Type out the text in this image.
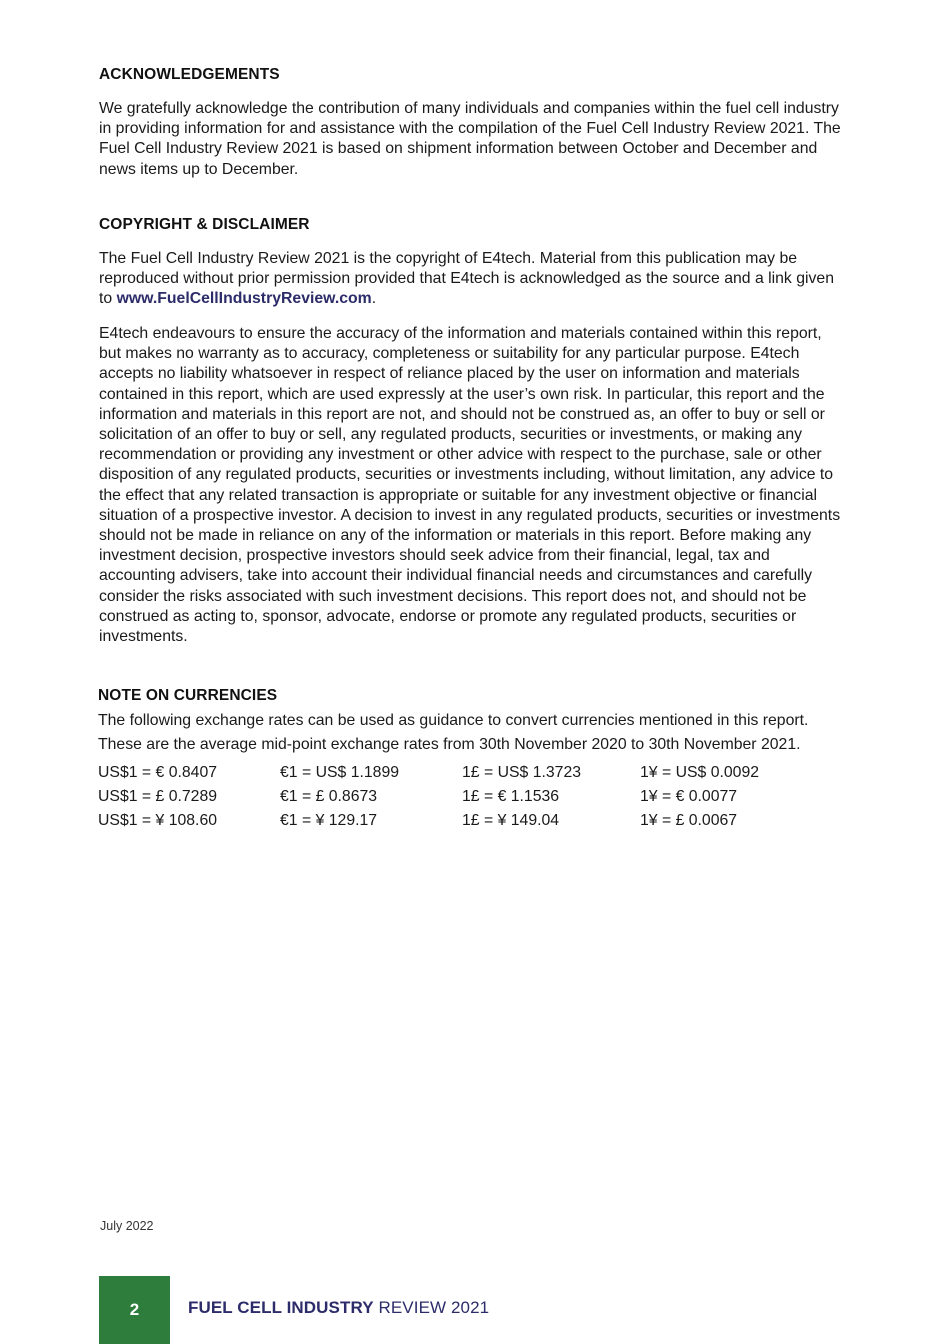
ACKNOWLEDGEMENTS

We gratefully acknowledge the contribution of many individuals and companies within the fuel cell industry in providing information for and assistance with the compilation of the Fuel Cell Industry Review 2021. The Fuel Cell Industry Review 2021 is based on shipment information between October and December and news items up to December.

COPYRIGHT & DISCLAIMER

The Fuel Cell Industry Review 2021 is the copyright of E4tech. Material from this publication may be reproduced without prior permission provided that E4tech is acknowledged as the source and a link given to www.FuelCellIndustryReview.com.

E4tech endeavours to ensure the accuracy of the information and materials contained within this report, but makes no warranty as to accuracy, completeness or suitability for any particular purpose. E4tech accepts no liability whatsoever in respect of reliance placed by the user on information and materials contained in this report, which are used expressly at the user’s own risk. In particular, this report and the information and materials in this report are not, and should not be construed as, an offer to buy or sell or solicitation of an offer to buy or sell, any regulated products, securities or investments, or making any recommendation or providing any investment or other advice with respect to the purchase, sale or other disposition of any regulated products, securities or investments including, without limitation, any advice to the effect that any related transaction is appropriate or suitable for any investment objective or financial situation of a prospective investor. A decision to invest in any regulated products, securities or investments should not be made in reliance on any of the information or materials in this report. Before making any investment decision, prospective investors should seek advice from their financial, legal, tax and accounting advisers, take into account their individual financial needs and circumstances and carefully consider the risks associated with such investment decisions. This report does not, and should not be construed as acting to, sponsor, advocate, endorse or promote any regulated products, securities or investments.

NOTE ON CURRENCIES

The following exchange rates can be used as guidance to convert currencies mentioned in this report.
These are the average mid-point exchange rates from 30th November 2020 to 30th November 2021.

US$1 = € 0.8407	€1 = US$ 1.1899	1£ = US$ 1.3723	1¥ = US$ 0.0092
US$1 = £ 0.7289	€1 = £ 0.8673	1£ = € 1.1536	1¥ = € 0.0077
US$1 = ¥ 108.60	€1 = ¥ 129.17	1£ = ¥ 149.04	1¥ = £ 0.0067
July 2022
2	FUEL CELL INDUSTRY REVIEW 2021
